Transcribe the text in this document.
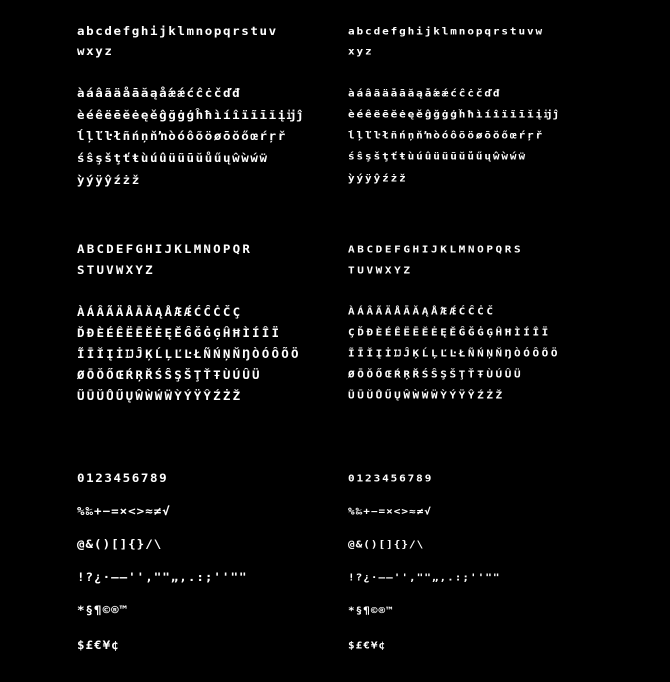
abcdefghijklmnopqrstuv
wxyz
àáâãäåāăąǻæǽćĉċčďđ
èéêëēĕėęěĝğġģĥħìíîïĩīĭįĳĵ
ĺļľŀłñńņňŉòóôõöøōŏőœŕŗř
śŝşšţťŧùúûüũūŭůűųŵẁẃẅ
ỳýÿŷźżž
ABCDEFGHIJKLMNOPQR
STUVWXYZ
ÀÁÂÃÄÅĀĂĄǺÆǼĆĈĊČÇ
ĎĐÈÉÊËĒĔĖĘĚĜĞĠĢĤĦÌÍÎÏ
ĨĪĬĮİĲĴĶĹĻĽĿŁÑŃŅŇŊÒÓÔÕÖ
ØŌŎŐŒŔŖŘŚŜŞŠŢŤŦÙÚÛÜ
ŨŪŬŮŰŲŴẀẂẄỲÝŸŶŹŻŽ
0123456789
%‰+−=×<>≈≠√
@&()[]{}/\
!?¿·–—''‚""„,.:;''""
*§¶©®™
$£€¥¢
abcdefghijklmnopqrstuvw
xyz
àáâãäåāăąǻæǽćĉċčďđ
èéêëēĕėęěĝğġģĥħìíîïĩīĭįĳĵ
ĺļľŀłñńņňŉòóôõöøōŏőœŕŗř
śŝşšţťŧùúûüũūŭůűųŵẁẃẅ
ỳýÿŷźżž
ABCDEFGHIJKLMNOPQRS
TUVWXYZ
ÀÁÂÃÄÅĀĂĄǺÆǼĆĈĊČ
ÇĎĐÈÉÊËĒĔĖĘĚĜĞĠĢĤĦÌÍÎÏ
ĨĪĬĮİĲĴĶĹĻĽĿŁÑŃŅŇŊÒÓÔÕÖ
ØŌŎŐŒŔŖŘŚŜŞŠŢŤŦÙÚÛÜ
ŨŪŬŮŰŲŴẀẂẄỲÝŸŶŹŻŽ
0123456789
%‰+−=×<>≈≠√
@&()[]{}/\
!?¿·–—''‚""„,.:;''""
*§¶©®™
$£€¥¢
